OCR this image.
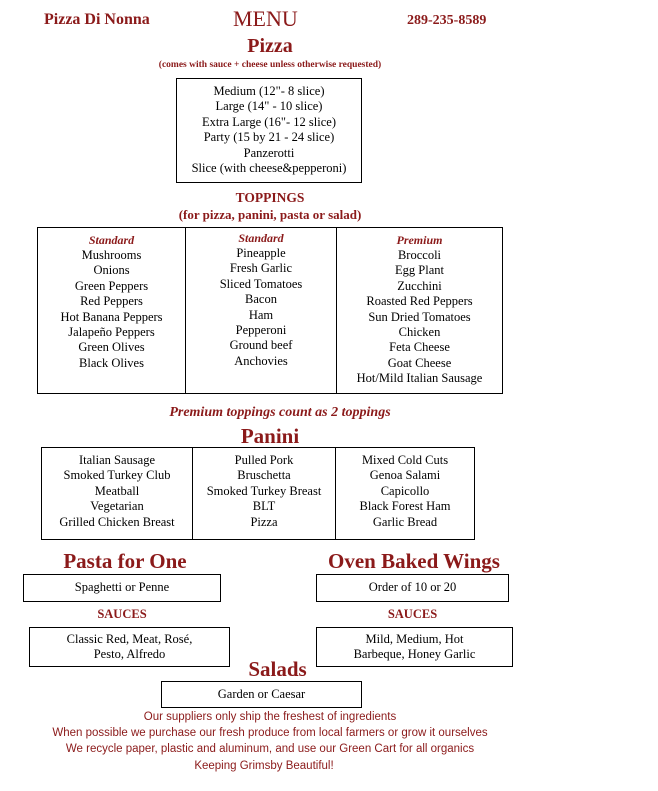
Pizza Di Nonna	MENU	289-235-8589
Pizza
(comes with sauce + cheese unless otherwise requested)
Medium (12"- 8 slice)
Large (14" - 10 slice)
Extra Large (16"- 12 slice)
Party (15 by 21 - 24 slice)
Panzerotti
Slice (with cheese&pepperoni)
TOPPINGS
(for pizza, panini, pasta or salad)
Standard
Mushrooms
Onions
Green Peppers
Red Peppers
Hot Banana Peppers
Jalapeño Peppers
Green Olives
Black Olives
Standard
Pineapple
Fresh Garlic
Sliced Tomatoes
Bacon
Ham
Pepperoni
Ground beef
Anchovies
Premium
Broccoli
Egg Plant
Zucchini
Roasted Red Peppers
Sun Dried Tomatoes
Chicken
Feta Cheese
Goat Cheese
Hot/Mild Italian Sausage
Premium toppings count as 2 toppings
Panini
Italian Sausage
Smoked Turkey Club
Meatball
Vegetarian
Grilled Chicken Breast
Pulled Pork
Bruschetta
Smoked Turkey Breast
BLT
Pizza
Mixed Cold Cuts
Genoa Salami
Capicollo
Black Forest Ham
Garlic Bread
Pasta for One
Spaghetti or Penne
SAUCES
Classic Red, Meat, Rosé,
Pesto, Alfredo
Oven Baked Wings
Order of 10 or 20
SAUCES
Mild, Medium, Hot
Barbeque, Honey Garlic
Salads
Garden or Caesar
Our suppliers only ship the freshest of ingredients
When possible we purchase our fresh produce from local farmers or grow it ourselves
We recycle paper, plastic and aluminum, and use our Green Cart for all organics
Keeping Grimsby Beautiful!
